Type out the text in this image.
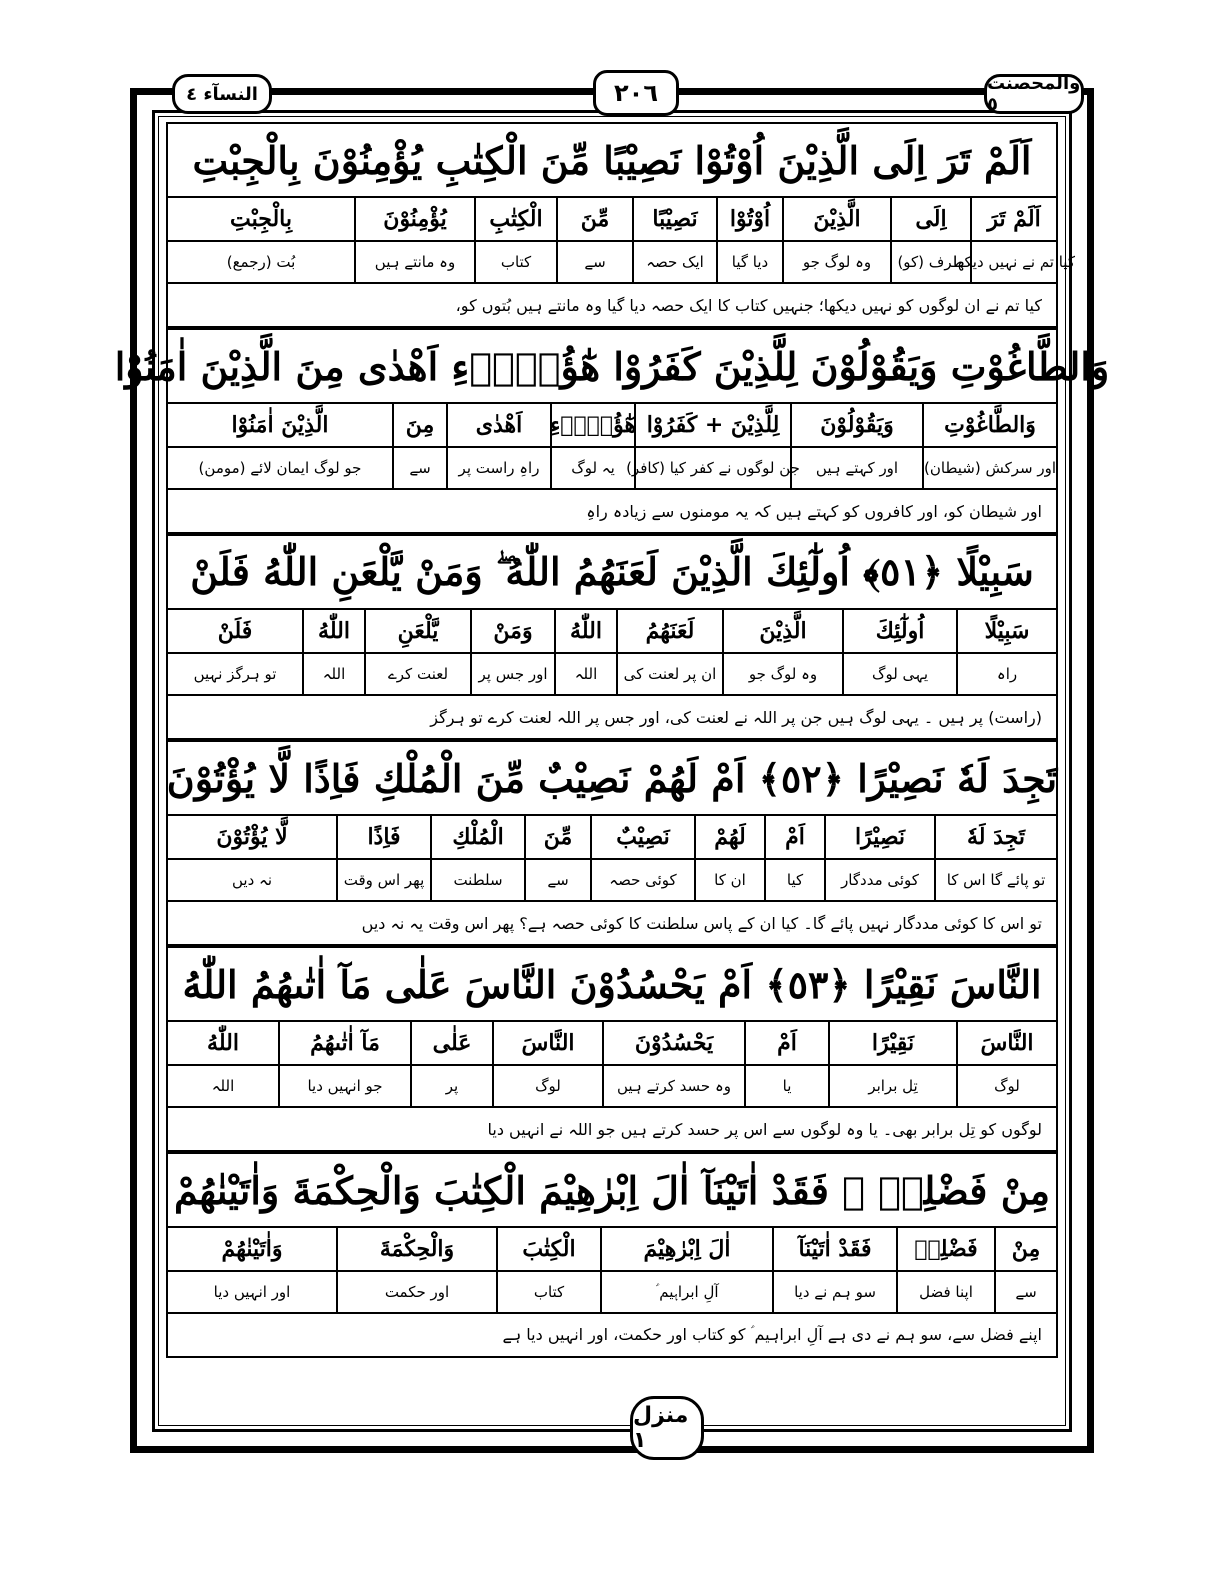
النسآء ٤	٢٠٦	والمحصنت ٥
اَلَمْ تَرَ اِلَى الَّذِيْنَ اُوْتُوْا نَصِيْبًا مِّنَ الْكِتٰبِ يُؤْمِنُوْنَ بِالْجِبْتِ
اَلَمْ تَرَ
اِلَى
الَّذِيْنَ
اُوْتُوْا
نَصِيْبًا
مِّنَ
الْكِتٰبِ
يُؤْمِنُوْنَ
بِالْجِبْتِ
کیا تم نے نہیں دیکھا
طرف (کو)
وہ لوگ جو
دیا گیا
ایک حصہ
سے
کتاب
وہ مانتے ہیں
بُت (رجمع)
کیا تم نے ان لوگوں کو نہیں دیکھا؛ جنہیں کتاب کا ایک حصہ دیا گیا وہ مانتے ہیں بُتوں کو،
وَالطَّاغُوْتِ وَيَقُوْلُوْنَ لِلَّذِيْنَ كَفَرُوْا هٰٓؤُلَاۤءِ اَهْدٰى مِنَ الَّذِيْنَ اٰمَنُوْا
وَالطَّاغُوْتِ
وَيَقُوْلُوْنَ
لِلَّذِيْنَ + كَفَرُوْا
هٰٓؤُلَاۤءِ
اَهْدٰى
مِنَ
الَّذِيْنَ اٰمَنُوْا
اور سرکش (شیطان)
اور کہتے ہیں
جن لوگوں نے کفر کیا (کافر)
یہ لوگ
راہِ راست پر
سے
جو لوگ ایمان لائے (مومن)
اور شیطان کو، اور کافروں کو کہتے ہیں کہ یہ مومنوں سے زیادہ راہِ
سَبِيْلًا ﴿٥١﴾ اُولٰٓئِكَ الَّذِيْنَ لَعَنَهُمُ اللّٰهُ ۖ وَمَنْ يَّلْعَنِ اللّٰهُ فَلَنْ
سَبِيْلًا
اُولٰٓئِكَ
الَّذِيْنَ
لَعَنَهُمُ
اللّٰهُ
وَمَنْ
يَّلْعَنِ
اللّٰهُ
فَلَنْ
راہ
یہی لوگ
وہ لوگ جو
ان پر لعنت کی
اللہ
اور جس پر
لعنت کرے
اللہ
تو ہرگز نہیں
(راست) پر ہیں ۔ یہی لوگ ہیں جن پر اللہ نے لعنت کی، اور جس پر اللہ لعنت کرے تو ہرگز
تَجِدَ لَهٗ نَصِيْرًا ﴿٥٢﴾ اَمْ لَهُمْ نَصِيْبٌ مِّنَ الْمُلْكِ فَاِذًا لَّا يُؤْتُوْنَ
تَجِدَ لَهٗ
نَصِيْرًا
اَمْ
لَهُمْ
نَصِيْبٌ
مِّنَ
الْمُلْكِ
فَاِذًا
لَّا يُؤْتُوْنَ
تو پائے گا اس کا
کوئی مددگار
کیا
ان کا
کوئی حصہ
سے
سلطنت
پھر اس وقت
نہ دیں
تو اس کا کوئی مددگار نہیں پائے گا۔ کیا ان کے پاس سلطنت کا کوئی حصہ ہے؟ پھر اس وقت یہ نہ دیں
النَّاسَ نَقِيْرًا ﴿٥٣﴾ اَمْ يَحْسُدُوْنَ النَّاسَ عَلٰى مَآ اٰتٰىهُمُ اللّٰهُ
النَّاسَ
نَقِيْرًا
اَمْ
يَحْسُدُوْنَ
النَّاسَ
عَلٰى
مَآ اٰتٰىهُمُ
اللّٰهُ
لوگ
تِل برابر
یا
وہ حسد کرتے ہیں
لوگ
پر
جو انہیں دیا
اللہ
لوگوں کو تِل برابر بھی۔ یا وہ لوگوں سے اس پر حسد کرتے ہیں جو اللہ نے انہیں دیا
مِنْ فَضْلِهٖ ۚ فَقَدْ اٰتَيْنَآ اٰلَ اِبْرٰهِيْمَ الْكِتٰبَ وَالْحِكْمَةَ وَاٰتَيْنٰهُمْ
مِنْ
فَضْلِهٖ
فَقَدْ اٰتَيْنَآ
اٰلَ اِبْرٰهِيْمَ
الْكِتٰبَ
وَالْحِكْمَةَ
وَاٰتَيْنٰهُمْ
سے
اپنا فضل
سو ہم نے دیا
آلِ ابراہیم ؑ
کتاب
اور حکمت
اور انہیں دیا
اپنے فضل سے، سو ہم نے دی ہے آلِ ابراہیم ؑ کو کتاب اور حکمت، اور انہیں دیا ہے
منزل ١
